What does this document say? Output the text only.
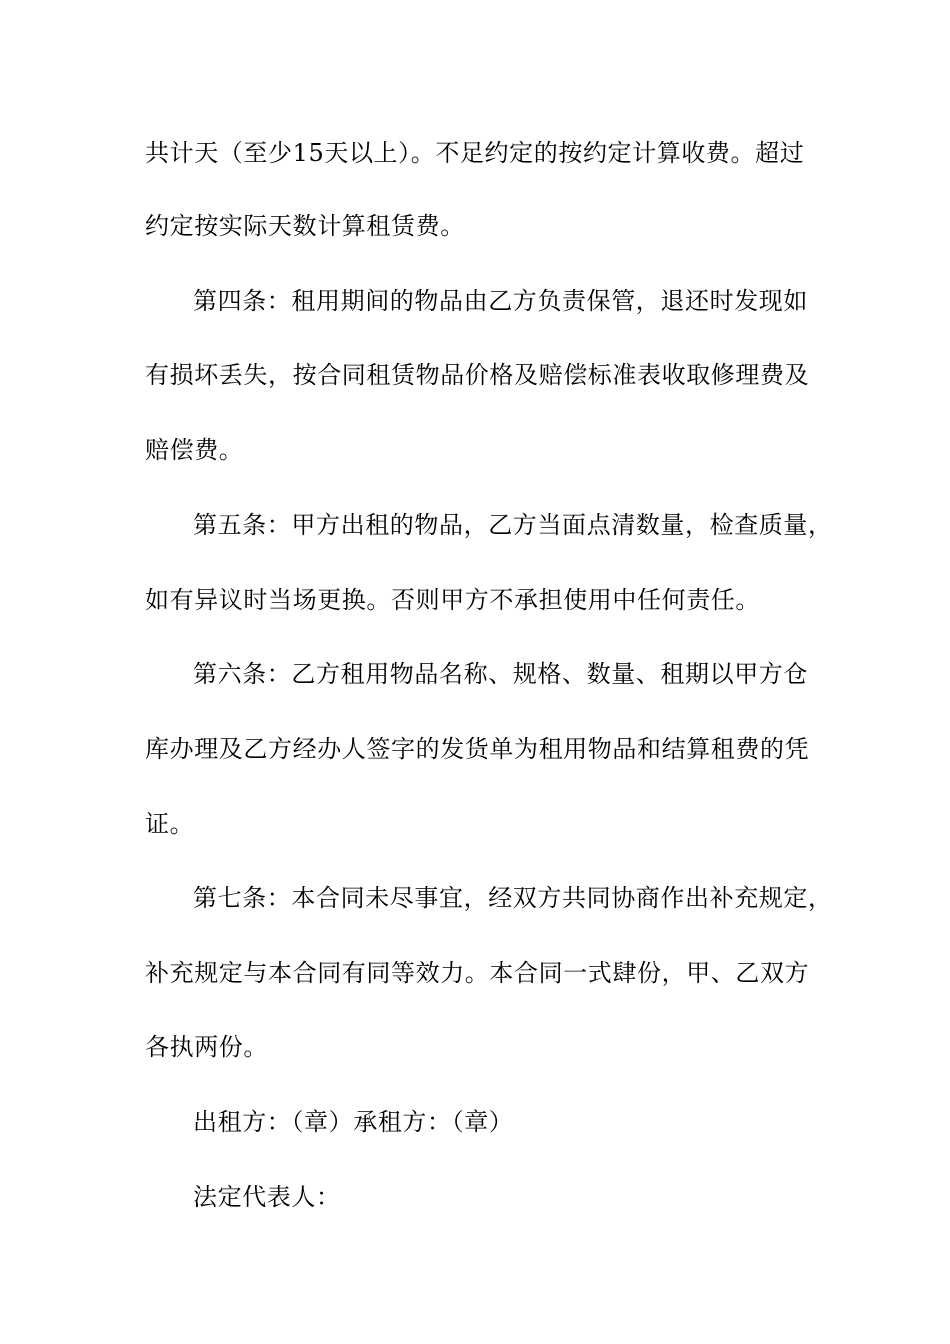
共计天（至少15天以上）。不足约定的按约定计算收费。超过
约定按实际天数计算租赁费。
第四条：租用期间的物品由乙方负责保管，退还时发现如
有损坏丢失，按合同租赁物品价格及赔偿标准表收取修理费及
赔偿费。
第五条：甲方出租的物品，乙方当面点清数量，检查质量，
如有异议时当场更换。否则甲方不承担使用中任何责任。
第六条：乙方租用物品名称、规格、数量、租期以甲方仓
库办理及乙方经办人签字的发货单为租用物品和结算租费的凭
证。
第七条：本合同未尽事宜，经双方共同协商作出补充规定，
补充规定与本合同有同等效力。本合同一式肆份，甲、乙双方
各执两份。
出租方：（章）承租方：（章）
法定代表人：
